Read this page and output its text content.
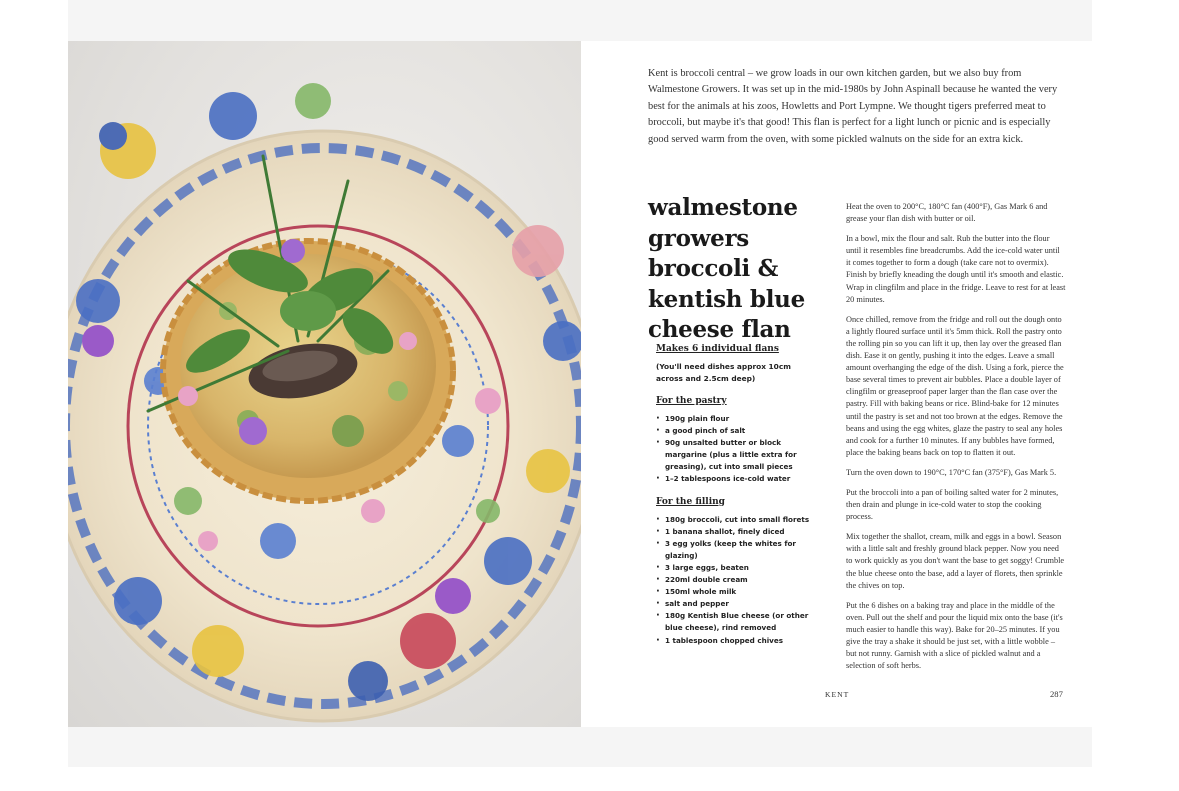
Kent is broccoli central – we grow loads in our own kitchen garden, but we also buy from Walmestone Growers. It was set up in the mid-1980s by John Aspinall because he wanted the very best for the animals at his zoos, Howletts and Port Lympne. We thought tigers preferred meat to broccoli, but maybe it's that good! This flan is perfect for a light lunch or picnic and is especially good served warm from the oven, with some pickled walnuts on the side for an extra kick.

walmestone growers broccoli & kentish blue cheese flan
Makes 6 individual flans
(You'll need dishes approx 10cm across and 2.5cm deep)
For the pastry
· 190g plain flour
· a good pinch of salt
· 90g unsalted butter or block margarine (plus a little extra for greasing), cut into small pieces
· 1–2 tablespoons ice-cold water
For the filling
· 180g broccoli, cut into small florets
· 1 banana shallot, finely diced
· 3 egg yolks (keep the whites for glazing)
· 3 large eggs, beaten
· 220ml double cream
· 150ml whole milk
· salt and pepper
· 180g Kentish Blue cheese (or other blue cheese), rind removed
· 1 tablespoon chopped chives

Heat the oven to 200°C, 180°C fan (400°F), Gas Mark 6 and grease your flan dish with butter or oil.

In a bowl, mix the flour and salt. Rub the butter into the flour until it resembles fine breadcrumbs. Add the ice-cold water until it comes together to form a dough (take care not to overmix). Finish by briefly kneading the dough until it's smooth and elastic. Wrap in clingfilm and place in the fridge. Leave to rest for at least 20 minutes.

Once chilled, remove from the fridge and roll out the dough onto a lightly floured surface until it's 5mm thick. Roll the pastry onto the rolling pin so you can lift it up, then lay over the greased flan dish. Ease it on gently, pushing it into the edges. Leave a small amount overhanging the edge of the dish. Using a fork, pierce the base several times to prevent air bubbles. Place a double layer of clingfilm or greaseproof paper larger than the flan case over the pastry. Fill with baking beans or rice. Blind-bake for 12 minutes until the pastry is set and not too brown at the edges. Remove the beans and using the egg whites, glaze the pastry to seal any holes and cook for a further 10 minutes. If any bubbles have formed, place the baking beans back on top to flatten it out.

Turn the oven down to 190°C, 170°C fan (375°F), Gas Mark 5.

Put the broccoli into a pan of boiling salted water for 2 minutes, then drain and plunge in ice-cold water to stop the cooking process.

Mix together the shallot, cream, milk and eggs in a bowl. Season with a little salt and freshly ground black pepper. Now you need to work quickly as you don't want the base to get soggy! Crumble the blue cheese onto the base, add a layer of florets, then sprinkle the chives on top.

Put the 6 dishes on a baking tray and place in the middle of the oven. Pull out the shelf and pour the liquid mix onto the base (it's much easier to handle this way). Bake for 20–25 minutes. If you give the tray a shake it should be just set, with a little wobble – but not runny. Garnish with a slice of pickled walnut and a selection of soft herbs.

KENT	287
